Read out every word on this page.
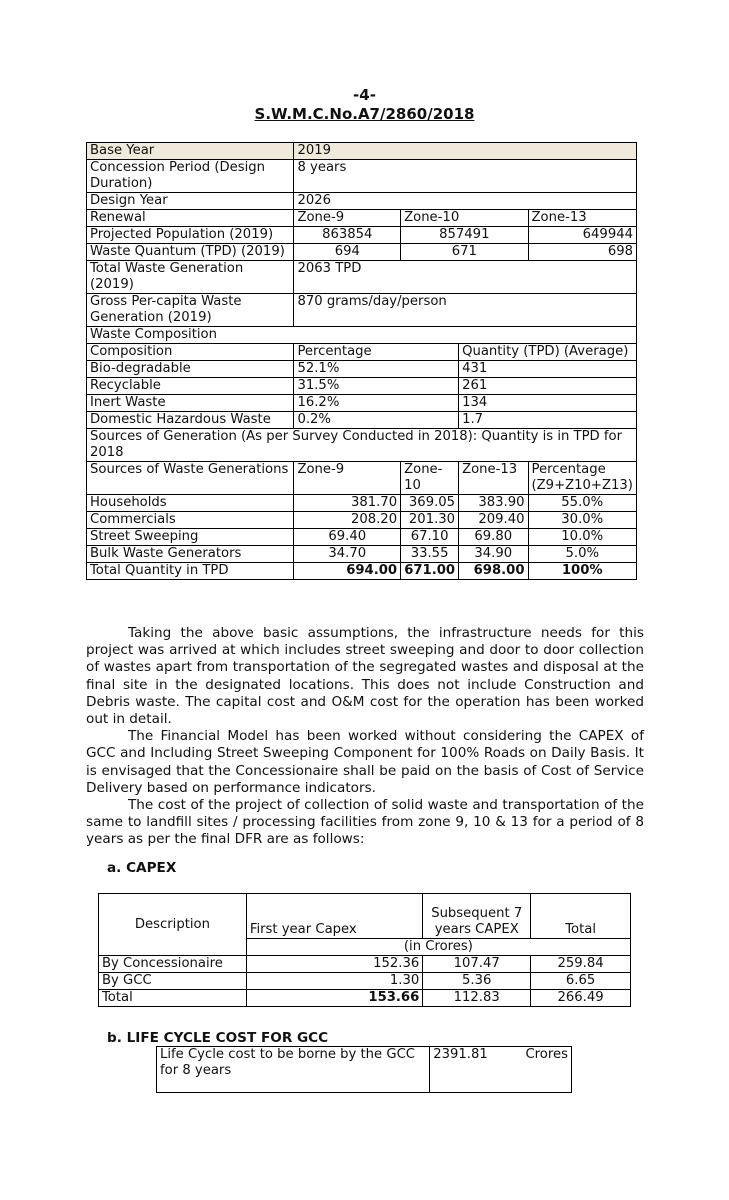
-4-
S.W.M.C.No.A7/2860/2018
Base Year	2019			
Concession Period (Design Duration)	8 years			
Design Year	2026			
Renewal	Zone-9	Zone-10		Zone-13
Projected Population (2019)	863854	857491		649944
Waste Quantum (TPD) (2019)	694	671		698
Total Waste Generation (2019)	2063 TPD			
Gross Per-capita Waste Generation (2019)	870 grams/day/person			
Waste Composition				
Composition	Percentage		Quantity (TPD) (Average)	
Bio-degradable	52.1%		431	
Recyclable	31.5%		261	
Inert Waste	16.2%		134	
Domestic Hazardous Waste	0.2%		1.7	
Sources of Generation (As per Survey Conducted in 2018): Quantity is in TPD for 2018				
Sources of Waste Generations	Zone-9	Zone-10	Zone-13	Percentage (Z9+Z10+Z13)
Households	381.70	369.05	383.90	55.0%
Commercials	208.20	201.30	209.40	30.0%
Street Sweeping	69.40	67.10	69.80	10.0%
Bulk Waste Generators	34.70	33.55	34.90	5.0%
Total Quantity in TPD	694.00	671.00	698.00	100%

Taking the above basic assumptions, the infrastructure needs for this project was arrived at which includes street sweeping and door to door collection of wastes apart from transportation of the segregated wastes and disposal at the final site in the designated locations. This does not include Construction and Debris waste. The capital cost and O&M cost for the operation has been worked out in detail.

The Financial Model has been worked without considering the CAPEX of GCC and Including Street Sweeping Component for 100% Roads on Daily Basis. It is envisaged that the Concessionaire shall be paid on the basis of Cost of Service Delivery based on performance indicators.

The cost of the project of collection of solid waste and transportation of the same to landfill sites / processing facilities from zone 9, 10 & 13 for a period of 8 years as per the final DFR are as follows:

a. CAPEX
Description	First year Capex	Subsequent 7 years CAPEX	Total
	(in Crores)		
By Concessionaire	152.36	107.47	259.84
By GCC	1.30	5.36	6.65
Total	153.66	112.83	266.49
b. LIFE CYCLE COST FOR GCC
Life Cycle cost to be borne by the GCC for 8 years	2391.81	Crores
